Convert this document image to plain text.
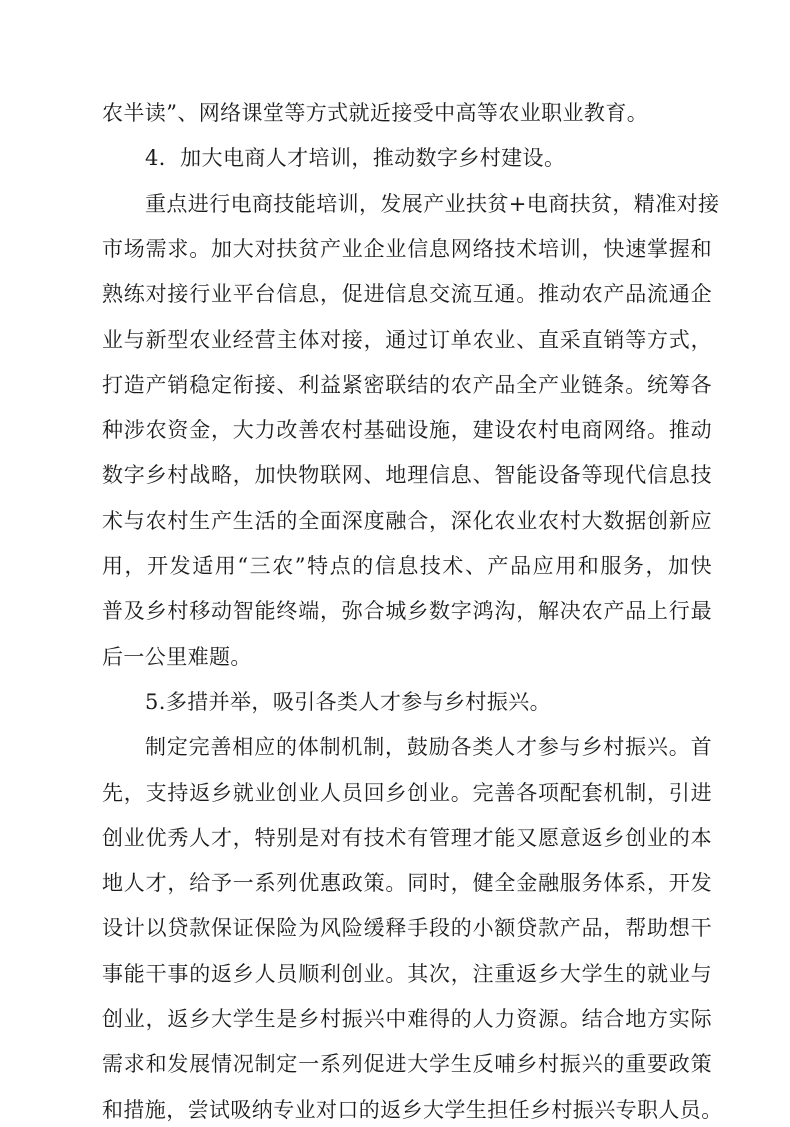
农半读”、网络课堂等方式就近接受中高等农业职业教育。
4．加大电商人才培训，推动数字乡村建设。
重点进行电商技能培训，发展产业扶贫+电商扶贫，精准对接
市场需求。加大对扶贫产业企业信息网络技术培训，快速掌握和
熟练对接行业平台信息，促进信息交流互通。推动农产品流通企
业与新型农业经营主体对接，通过订单农业、直采直销等方式，
打造产销稳定衔接、利益紧密联结的农产品全产业链条。统筹各
种涉农资金，大力改善农村基础设施，建设农村电商网络。推动
数字乡村战略，加快物联网、地理信息、智能设备等现代信息技
术与农村生产生活的全面深度融合，深化农业农村大数据创新应
用，开发适用“三农”特点的信息技术、产品应用和服务，加快
普及乡村移动智能终端，弥合城乡数字鸿沟，解决农产品上行最
后一公里难题。
5.多措并举，吸引各类人才参与乡村振兴。
制定完善相应的体制机制，鼓励各类人才参与乡村振兴。首
先，支持返乡就业创业人员回乡创业。完善各项配套机制，引进
创业优秀人才，特别是对有技术有管理才能又愿意返乡创业的本
地人才，给予一系列优惠政策。同时，健全金融服务体系，开发
设计以贷款保证保险为风险缓释手段的小额贷款产品，帮助想干
事能干事的返乡人员顺利创业。其次，注重返乡大学生的就业与
创业，返乡大学生是乡村振兴中难得的人力资源。结合地方实际
需求和发展情况制定一系列促进大学生反哺乡村振兴的重要政策
和措施，尝试吸纳专业对口的返乡大学生担任乡村振兴专职人员。
